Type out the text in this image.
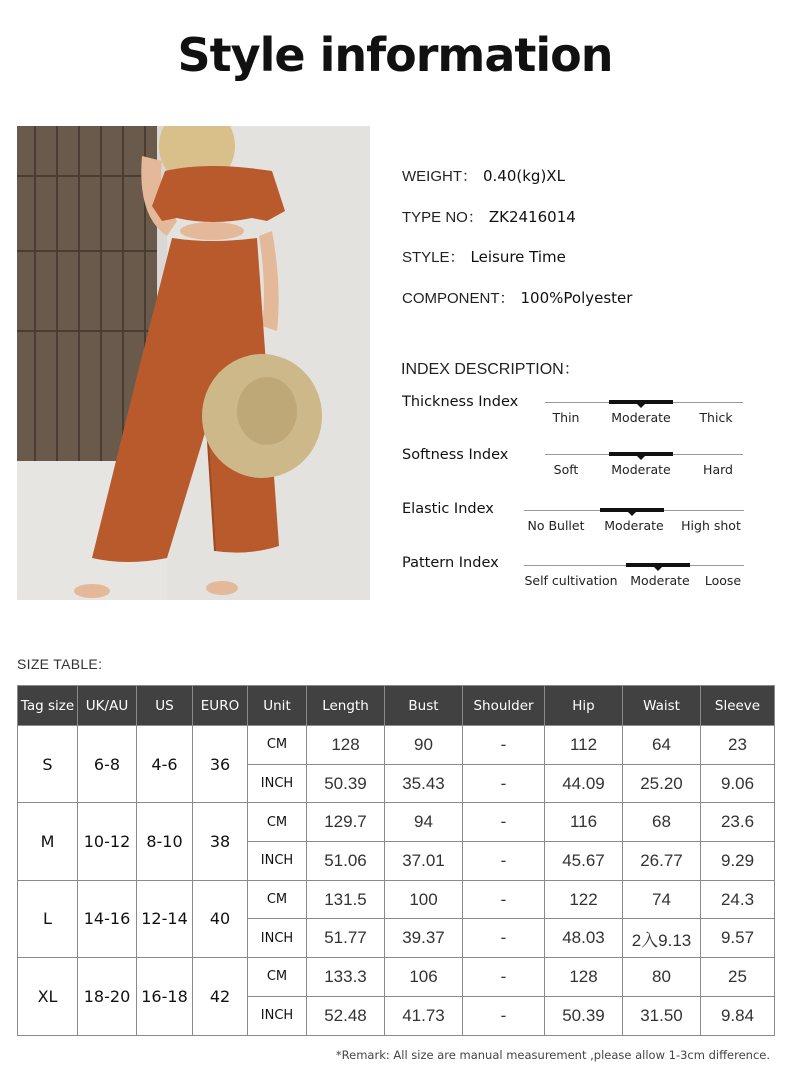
Style information
WEIGHT： 0.40(kg)XL
TYPE NO： ZK2416014
STYLE： Leisure Time
COMPONENT： 100%Polyester
INDEX DESCRIPTION：
Thickness Index
Thin	Moderate Thick
Softness Index
Soft	Moderate	Hard
Elastic Index
No Bullet Moderate High shot
Pattern Index
Self cultivation Moderate Loose
SIZE TABLE:
Tag size	UK/AU	US	EURO	Unit	Length	Bust	Shoulder	Hip	Waist	Sleeve
S	6-8	4-6	36	CM	128	90	-	112	64	23
				INCH	50.39	35.43	-	44.09	25.20	9.06
M	10-12	8-10	38	CM	129.7	94	-	116	68	23.6
				INCH	51.06	37.01	-	45.67	26.77	9.29
L	14-16	12-14	40	CM	131.5	100	-	122	74	24.3
				INCH	51.77	39.37	-	48.03	2入9.13	9.57
XL	18-20	16-18	42	CM	133.3	106	-	128	80	25
				INCH	52.48	41.73	-	50.39	31.50	9.84
*Remark: All size are manual measurement ,please allow 1-3cm difference.
